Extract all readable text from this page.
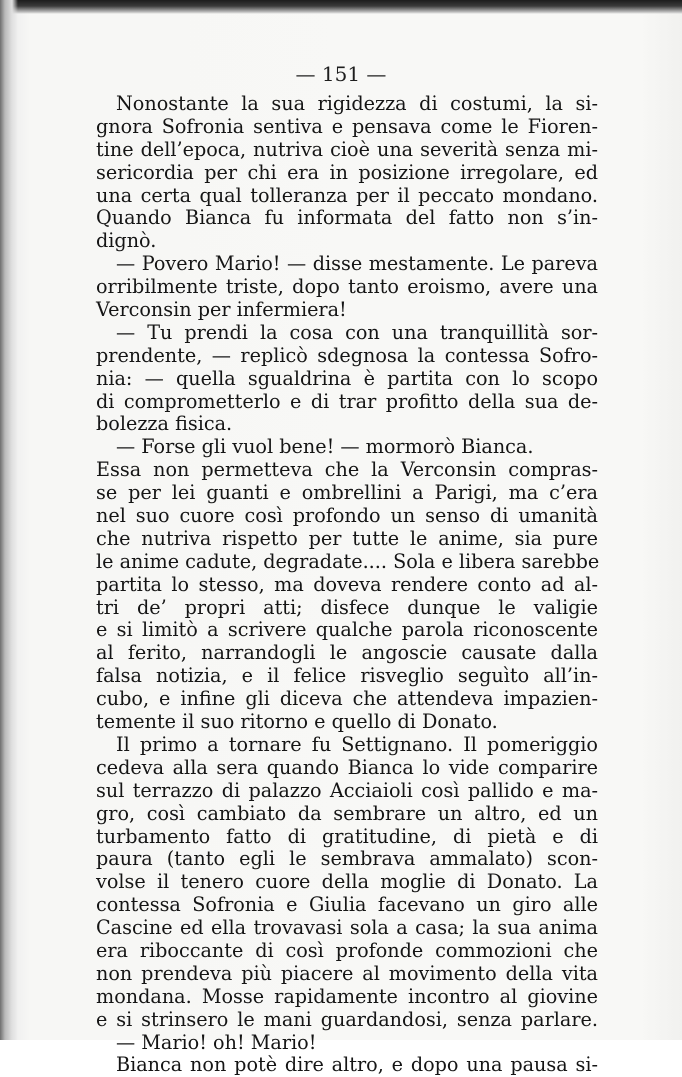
— 151 —
Nonostante la sua rigidezza di costumi, la si-
gnora Sofronia sentiva e pensava come le Fioren-
tine dell’epoca, nutriva cioè una severità senza mi-
sericordia per chi era in posizione irregolare, ed
una certa qual tolleranza per il peccato mondano.
Quando Bianca fu informata del fatto non s’in-
dignò.
— Povero Mario! — disse mestamente. Le pareva
orribilmente triste, dopo tanto eroismo, avere una
Verconsin per infermiera!
— Tu prendi la cosa con una tranquillità sor-
prendente, — replicò sdegnosa la contessa Sofro-
nia: — quella sgualdrina è partita con lo scopo
di comprometterlo e di trar profitto della sua de-
bolezza fisica.
— Forse gli vuol bene! — mormorò Bianca.
Essa non permetteva che la Verconsin compras-
se per lei guanti e ombrellini a Parigi, ma c’era
nel suo cuore così profondo un senso di umanità
che nutriva rispetto per tutte le anime, sia pure
le anime cadute, degradate.... Sola e libera sarebbe
partita lo stesso, ma doveva rendere conto ad al-
tri de’ propri atti; disfece dunque le valigie
e si limitò a scrivere qualche parola riconoscente
al ferito, narrandogli le angoscie causate dalla
falsa notizia, e il felice risveglio seguìto all’in-
cubo, e infine gli diceva che attendeva impazien-
temente il suo ritorno e quello di Donato.
Il primo a tornare fu Settignano. Il pomeriggio
cedeva alla sera quando Bianca lo vide comparire
sul terrazzo di palazzo Acciaioli così pallido e ma-
gro, così cambiato da sembrare un altro, ed un
turbamento fatto di gratitudine, di pietà e di
paura (tanto egli le sembrava ammalato) scon-
volse il tenero cuore della moglie di Donato. La
contessa Sofronia e Giulia facevano un giro alle
Cascine ed ella trovavasi sola a casa; la sua anima
era riboccante di così profonde commozioni che
non prendeva più piacere al movimento della vita
mondana. Mosse rapidamente incontro al giovine
e si strinsero le mani guardandosi, senza parlare.
— Mario! oh! Mario!
Bianca non potè dire altro, e dopo una pausa si-
